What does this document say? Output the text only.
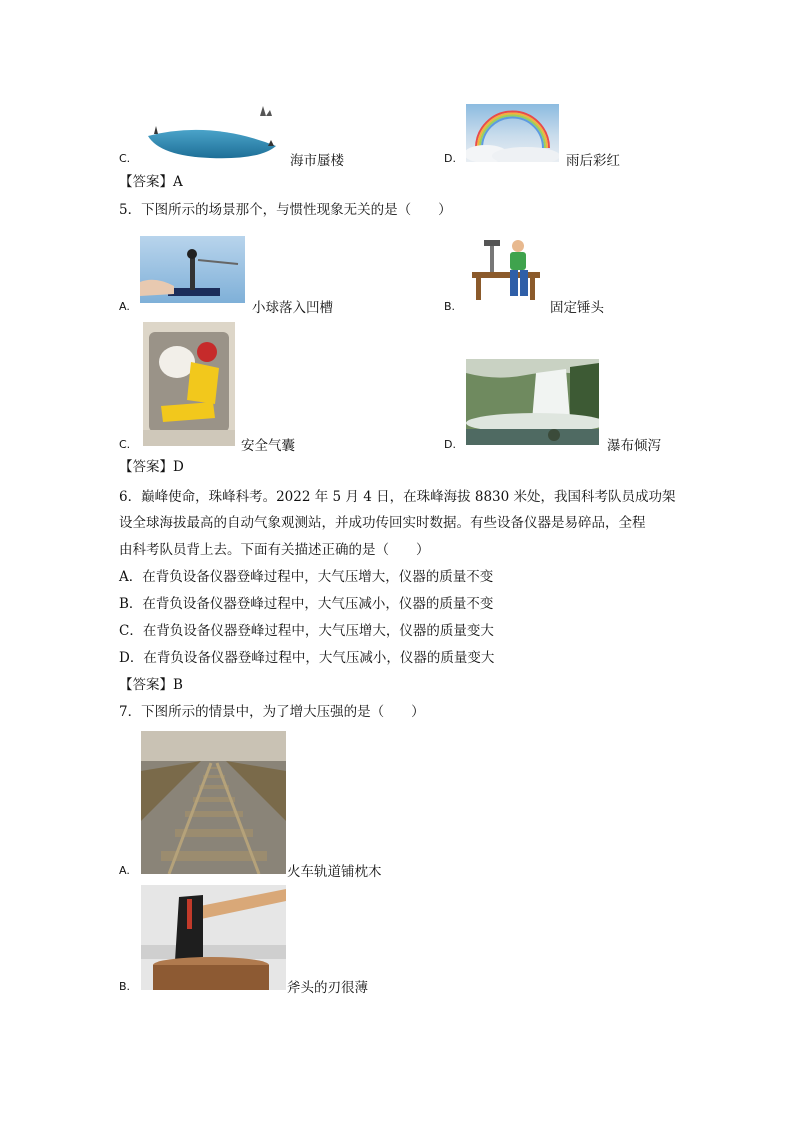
C.	海市蜃楼	D.	雨后彩红
【答案】A
5．下图所示的场景那个，与惯性现象无关的是（　　）
A.	小球落入凹槽	B.	固定锤头
C.	安全气囊	D.	瀑布倾泻
【答案】D
6．巅峰使命，珠峰科考。2022 年 5 月 4 日，在珠峰海拔 8830 米处，我国科考队员成功架
设全球海拔最高的自动气象观测站，并成功传回实时数据。有些设备仪器是易碎品，全程
由科考队员背上去。下面有关描述正确的是（　　）
A．在背负设备仪器登峰过程中，大气压增大，仪器的质量不变
B．在背负设备仪器登峰过程中，大气压减小，仪器的质量不变
C．在背负设备仪器登峰过程中，大气压增大，仪器的质量变大
D．在背负设备仪器登峰过程中，大气压减小，仪器的质量变大
【答案】B
7．下图所示的情景中，为了增大压强的是（　　）
A.	火车轨道铺枕木
B.	斧头的刃很薄
